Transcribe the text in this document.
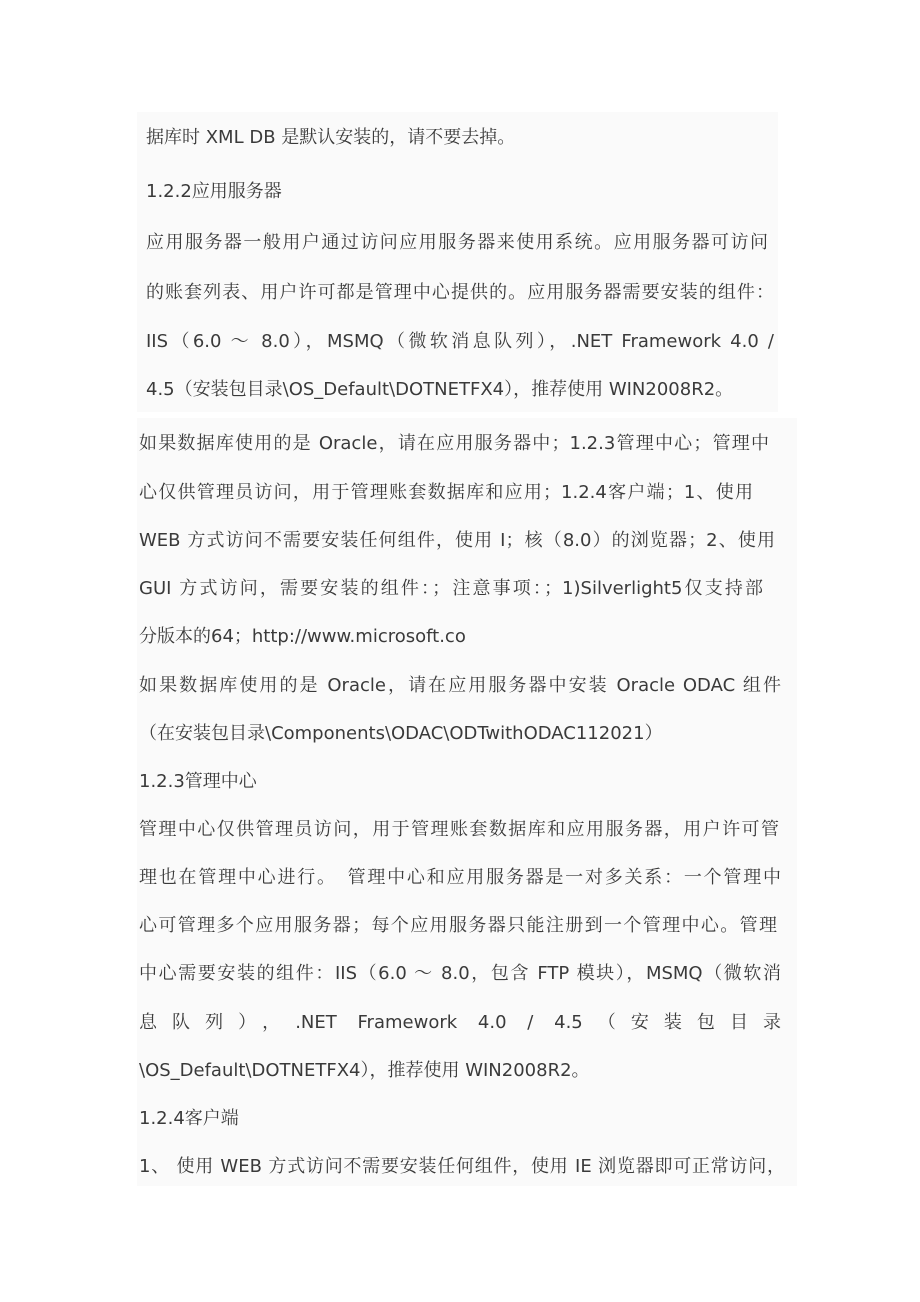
据库时 XML DB 是默认安装的，请不要去掉。
1.2.2应用服务器
应用服务器一般用户通过访问应用服务器来使用系统。应用服务器可访问
的账套列表、用户许可都是管理中心提供的。应用服务器需要安装的组件：
IIS（6.0 ～ 8.0），MSMQ（微软消息队列），.NET Framework 4.0 /
4.5（安装包目录\OS_Default\DOTNETFX4），推荐使用 WIN2008R2。
如果数据库使用的是 Oracle，请在应用服务器中；1.2.3管理中心；管理中
心仅供管理员访问，用于管理账套数据库和应用；1.2.4客户端；1、使用
WEB 方式访问不需要安装任何组件，使用 I；核（8.0）的浏览器；2、使用
GUI 方式访问，需要安装的组件：；注意事项：；1)Silverlight5仅支持部
分版本的64；http://www.microsoft.co
如果数据库使用的是 Oracle，请在应用服务器中安装 Oracle ODAC 组件
（在安装包目录\Components\ODAC\ODTwithODAC112021）
1.2.3管理中心
管理中心仅供管理员访问，用于管理账套数据库和应用服务器，用户许可管
理也在管理中心进行。　管理中心和应用服务器是一对多关系：一个管理中
心可管理多个应用服务器；每个应用服务器只能注册到一个管理中心。管理
中心需要安装的组件：IIS（6.0 ～ 8.0，包含 FTP 模块），MSMQ（微软消
息队列），.NET Framework 4.0 / 4.5（安装包目录
\OS_Default\DOTNETFX4），推荐使用 WIN2008R2。
1.2.4客户端
1、 使用 WEB 方式访问不需要安装任何组件，使用 IE 浏览器即可正常访问，
